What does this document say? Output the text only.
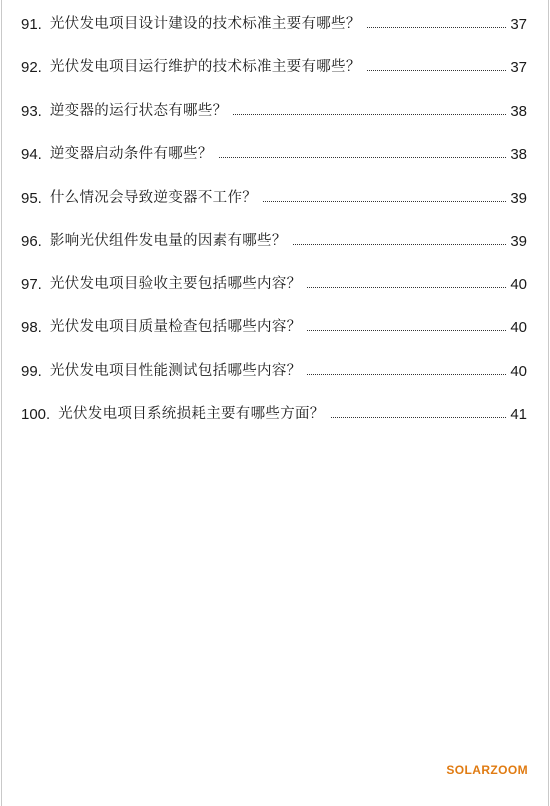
91. 光伏发电项目设计建设的技术标准主要有哪些？	37
92. 光伏发电项目运行维护的技术标准主要有哪些？	37
93. 逆变器的运行状态有哪些？	38
94. 逆变器启动条件有哪些？	38
95. 什么情况会导致逆变器不工作？	39
96. 影响光伏组件发电量的因素有哪些？	39
97. 光伏发电项目验收主要包括哪些内容？	40
98. 光伏发电项目质量检查包括哪些内容？	40
99. 光伏发电项目性能测试包括哪些内容？	40
100. 光伏发电项目系统损耗主要有哪些方面？	41
SOLARZOOM
